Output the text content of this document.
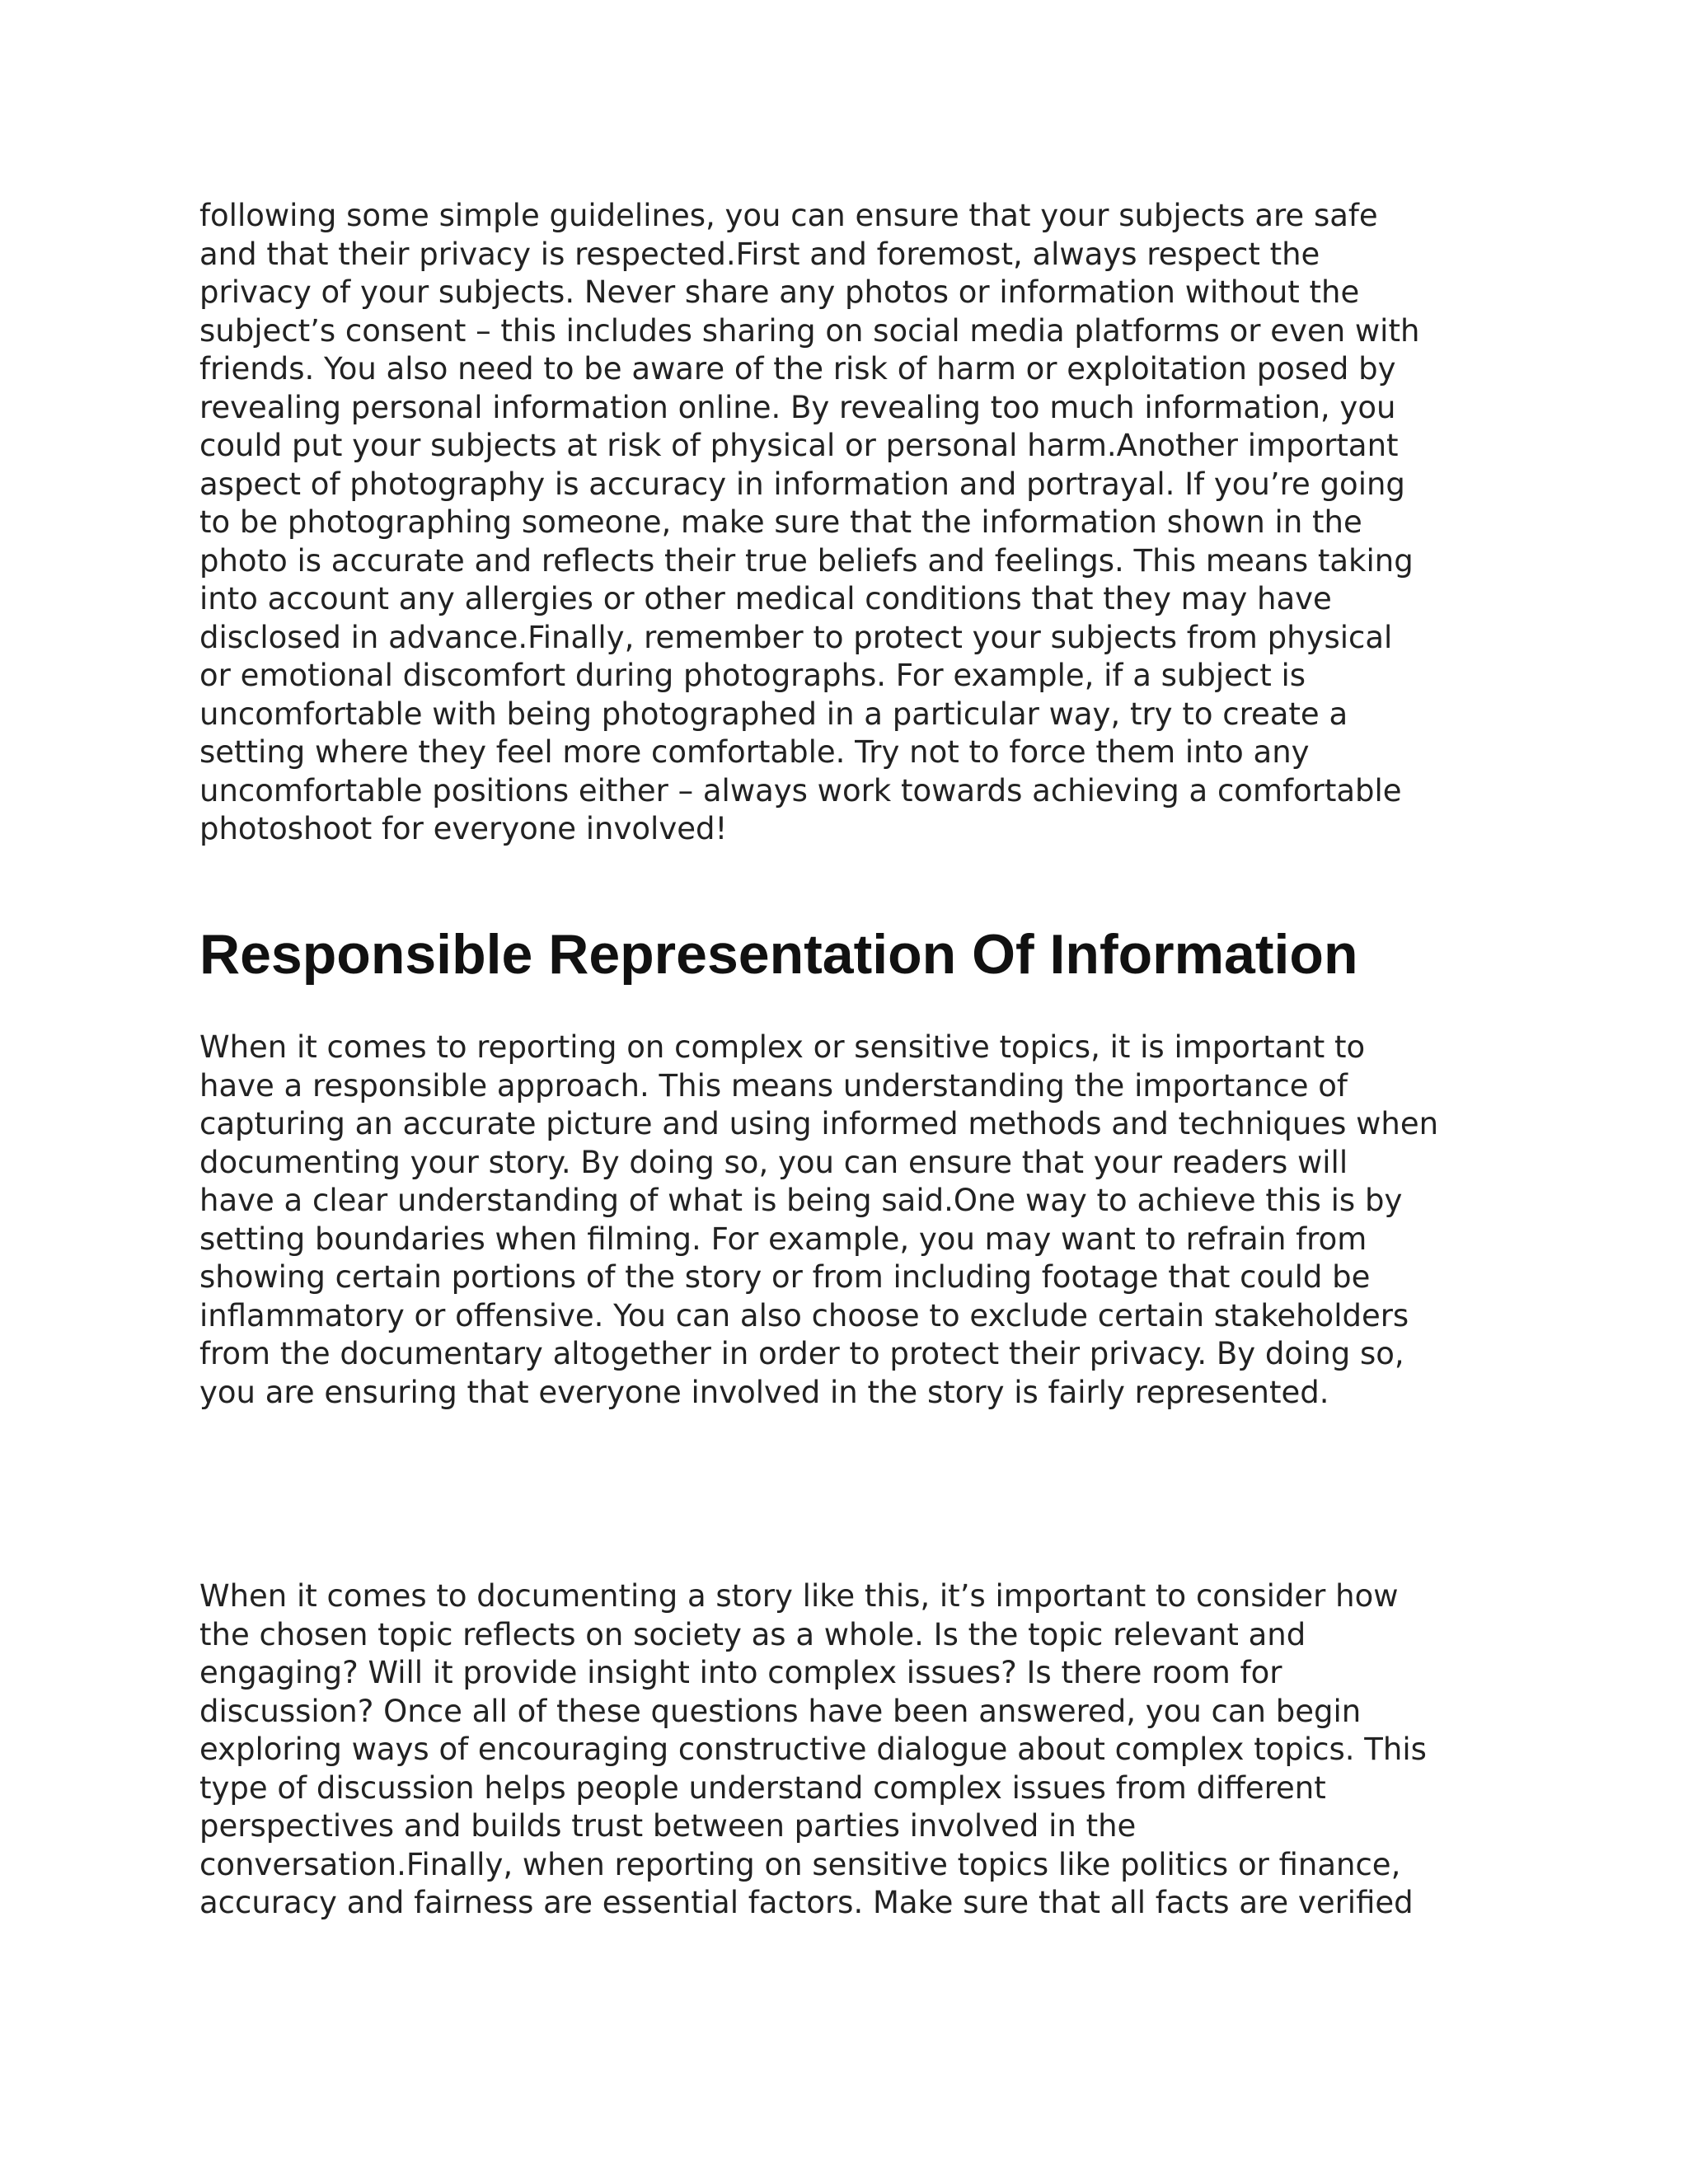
following some simple guidelines, you can ensure that your subjects are safe
and that their privacy is respected.First and foremost, always respect the
privacy of your subjects. Never share any photos or information without the
subject’s consent – this includes sharing on social media platforms or even with
friends. You also need to be aware of the risk of harm or exploitation posed by
revealing personal information online. By revealing too much information, you
could put your subjects at risk of physical or personal harm.Another important
aspect of photography is accuracy in information and portrayal. If you’re going
to be photographing someone, make sure that the information shown in the
photo is accurate and reflects their true beliefs and feelings. This means taking
into account any allergies or other medical conditions that they may have
disclosed in advance.Finally, remember to protect your subjects from physical
or emotional discomfort during photographs. For example, if a subject is
uncomfortable with being photographed in a particular way, try to create a
setting where they feel more comfortable. Try not to force them into any
uncomfortable positions either – always work towards achieving a comfortable
photoshoot for everyone involved!

Responsible Representation Of Information

When it comes to reporting on complex or sensitive topics, it is important to
have a responsible approach. This means understanding the importance of
capturing an accurate picture and using informed methods and techniques when
documenting your story. By doing so, you can ensure that your readers will
have a clear understanding of what is being said.One way to achieve this is by
setting boundaries when filming. For example, you may want to refrain from
showing certain portions of the story or from including footage that could be
inflammatory or offensive. You can also choose to exclude certain stakeholders
from the documentary altogether in order to protect their privacy. By doing so,
you are ensuring that everyone involved in the story is fairly represented.

When it comes to documenting a story like this, it’s important to consider how
the chosen topic reflects on society as a whole. Is the topic relevant and
engaging? Will it provide insight into complex issues? Is there room for
discussion? Once all of these questions have been answered, you can begin
exploring ways of encouraging constructive dialogue about complex topics. This
type of discussion helps people understand complex issues from different
perspectives and builds trust between parties involved in the
conversation.Finally, when reporting on sensitive topics like politics or finance,
accuracy and fairness are essential factors. Make sure that all facts are verified
